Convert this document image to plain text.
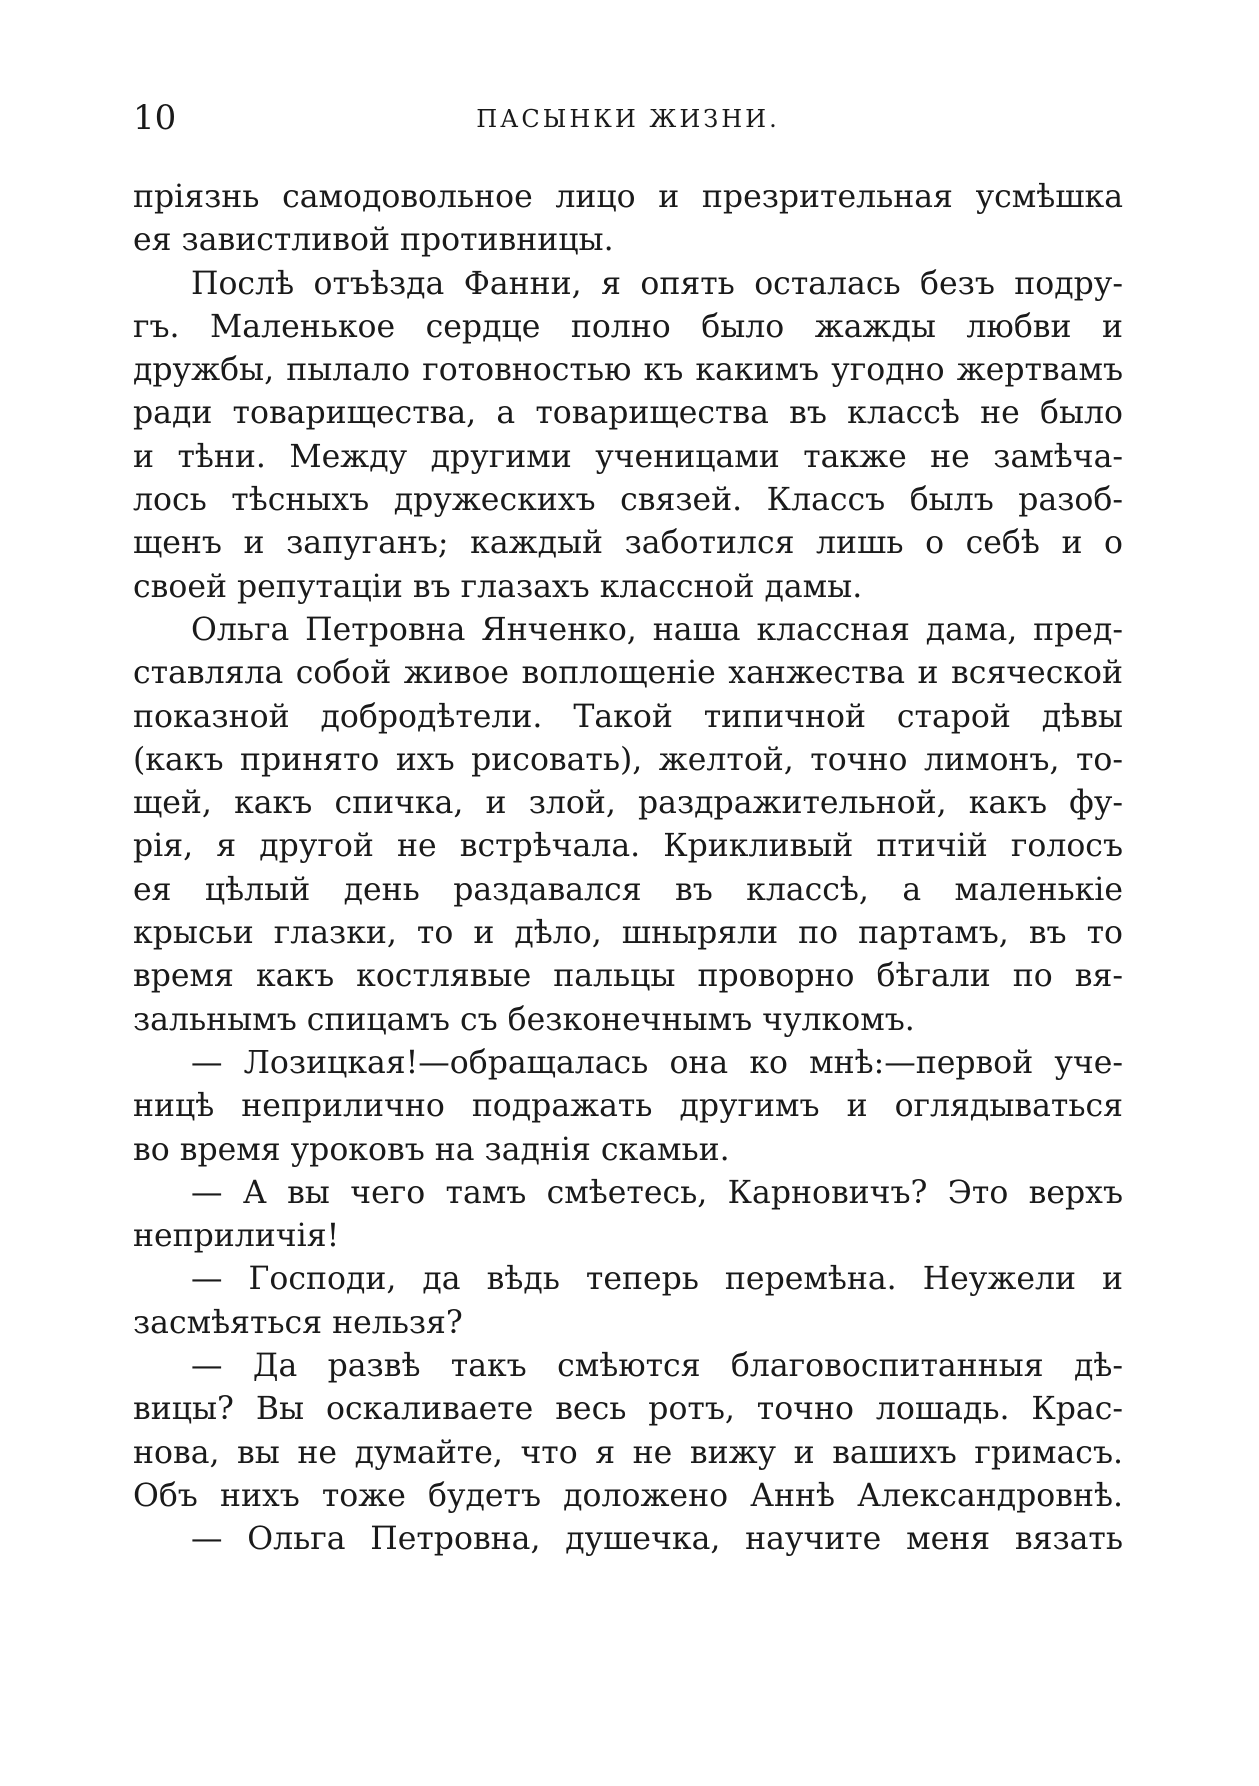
10	ПАСЫНКИ ЖИЗНИ.
пріязнь самодовольное лицо и презрительная усмѣшка
ея завистливой противницы.
Послѣ отъѣзда Фанни, я опять осталась безъ подру-
гъ. Маленькое сердце полно было жажды любви и
дружбы, пылало готовностью къ какимъ угодно жертвамъ
ради товарищества, а товарищества въ классѣ не было
и тѣни. Между другими ученицами также не замѣча-
лось тѣсныхъ дружескихъ связей. Классъ былъ разоб-
щенъ и запуганъ; каждый заботился лишь о себѣ и о
своей репутаціи въ глазахъ классной дамы.
Ольга Петровна Янченко, наша классная дама, пред-
ставляла собой живое воплощеніе ханжества и всяческой
показной добродѣтели. Такой типичной старой дѣвы
(какъ принято ихъ рисовать), желтой, точно лимонъ, то-
щей, какъ спичка, и злой, раздражительной, какъ фу-
рія, я другой не встрѣчала. Крикливый птичій голосъ
ея цѣлый день раздавался въ классѣ, а маленькіе
крысьи глазки, то и дѣло, шныряли по партамъ, въ то
время какъ костлявые пальцы проворно бѣгали по вя-
зальнымъ спицамъ съ безконечнымъ чулкомъ.
— Лозицкая!—обращалась она ко мнѣ:—первой уче-
ницѣ неприлично подражать другимъ и оглядываться
во время уроковъ на заднія скамьи.
— А вы чего тамъ смѣетесь, Карновичъ? Это верхъ
неприличія!
— Господи, да вѣдь теперь перемѣна. Неужели и
засмѣяться нельзя?
— Да развѣ такъ смѣются благовоспитанныя дѣ-
вицы? Вы оскаливаете весь ротъ, точно лошадь. Крас-
нова, вы не думайте, что я не вижу и вашихъ гримасъ.
Объ нихъ тоже будетъ доложено Аннѣ Александровнѣ.
— Ольга Петровна, душечка, научите меня вязать
